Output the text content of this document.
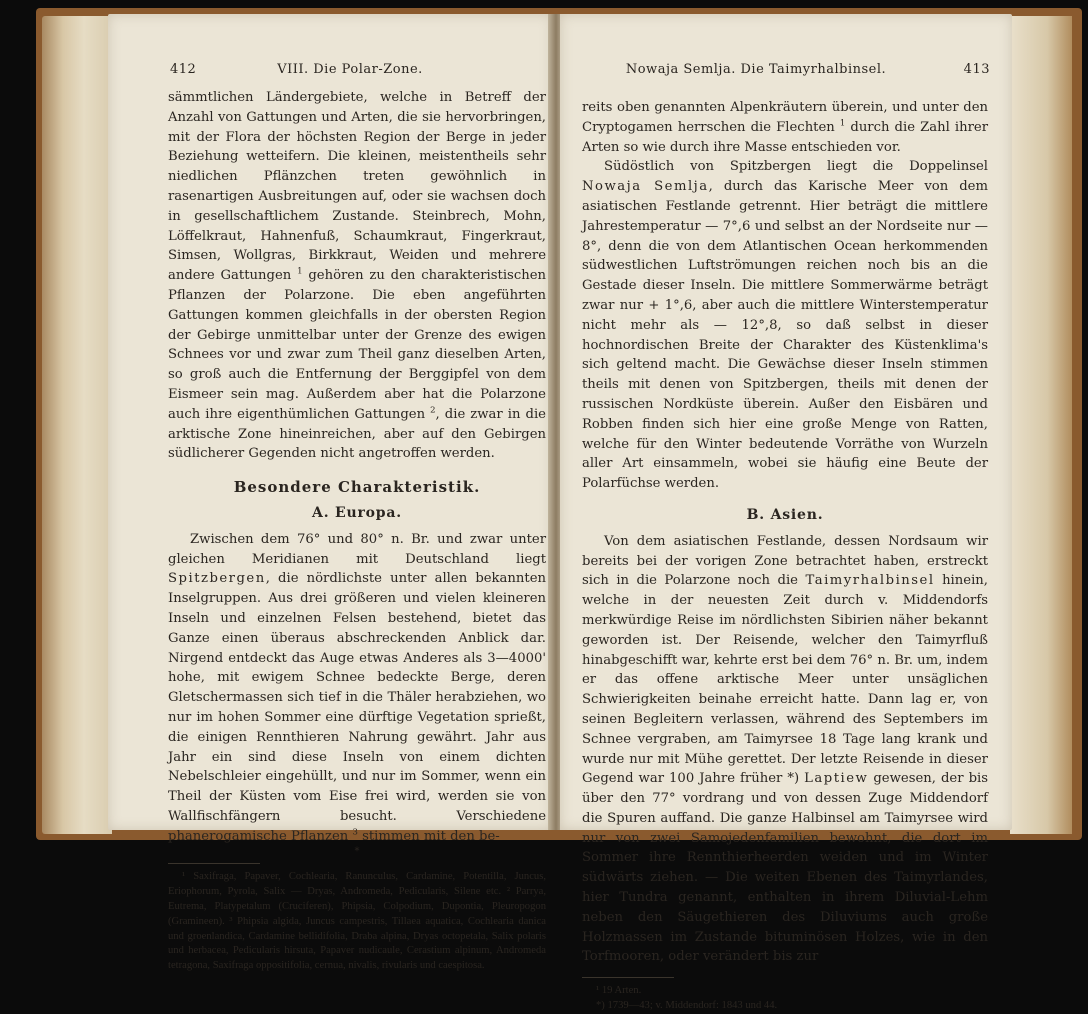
412	VIII. Die Polar-Zone.

sämmtlichen Ländergebiete, welche in Betreff der Anzahl von Gattungen und Arten, die sie hervorbringen, mit der Flora der höchsten Region der Berge in jeder Beziehung wetteifern. Die kleinen, meistentheils sehr niedlichen Pflänzchen treten gewöhnlich in rasenartigen Ausbreitungen auf, oder sie wachsen doch in gesellschaftlichem Zustande. Steinbrech, Mohn, Löffelkraut, Hahnenfuß, Schaumkraut, Fingerkraut, Simsen, Wollgras, Birkkraut, Weiden und mehrere andere Gattungen $^1$ gehören zu den charakteristischen Pflanzen der Polarzone. Die eben angeführten Gattungen kommen gleichfalls in der obersten Region der Gebirge unmittelbar unter der Grenze des ewigen Schnees vor und zwar zum Theil ganz dieselben Arten, so groß auch die Entfernung der Berggipfel von dem Eismeer sein mag. Außerdem aber hat die Polarzone auch ihre eigenthümlichen Gattungen $^2$, die zwar in die arktische Zone hineinreichen, aber auf den Gebirgen südlicherer Gegenden nicht angetroffen werden.

Besondere Charakteristik.
A. Europa.

Zwischen dem 76° und 80° n. Br. und zwar unter gleichen Meridianen mit Deutschland liegt Spitzbergen, die nördlichste unter allen bekannten Inselgruppen. Aus drei größeren und vielen kleineren Inseln und einzelnen Felsen bestehend, bietet das Ganze einen überaus abschreckenden Anblick dar. Nirgend entdeckt das Auge etwas Anderes als 3—4000' hohe, mit ewigem Schnee bedeckte Berge, deren Gletschermassen sich tief in die Thäler herabziehen, wo nur im hohen Sommer eine dürftige Vegetation sprießt, die einigen Rennthieren Nahrung gewährt. Jahr aus Jahr ein sind diese Inseln von einem dichten Nebelschleier eingehüllt, und nur im Sommer, wenn ein Theil der Küsten vom Eise frei wird, werden sie von Wallfischfängern besucht. Verschiedene phanerogamische Pflanzen $^3$ stimmen mit den be-

*

¹ Saxifraga, Papaver, Cochlearia, Ranunculus, Cardamine, Potentilla, Juncus, Eriophorum, Pyrola, Salix — Dryas, Andromeda, Pedicularis, Silene etc. ² Parrya, Eutrema, Platypetalum (Cruciferen), Phipsia, Colpodium, Dupontia, Pleuropogon (Gramineen). ³ Phipsia algida, Juncus campestris, Tillaea aquatica, Cochlearia danica und groenlandica, Cardamine bellidifolia, Draba alpina, Dryas octopetala, Salix polaris und herbacea, Pedicularis hirsuta, Papaver nudicaule, Cerastium alpinum, Andromeda tetragona, Saxifraga oppositifolia, cernua, nivalis, rivularis und caespitosa.

Nowaja Semlja. Die Taimyrhalbinsel.	413

reits oben genannten Alpenkräutern überein, und unter den Cryptogamen herrschen die Flechten $^1$ durch die Zahl ihrer Arten so wie durch ihre Masse entschieden vor.

Südöstlich von Spitzbergen liegt die Doppelinsel Nowaja Semlja, durch das Karische Meer von dem asiatischen Festlande getrennt. Hier beträgt die mittlere Jahrestemperatur — 7°,6 und selbst an der Nordseite nur — 8°, denn die von dem Atlantischen Ocean herkommenden südwestlichen Luftströmungen reichen noch bis an die Gestade dieser Inseln. Die mittlere Sommerwärme beträgt zwar nur + 1°,6, aber auch die mittlere Winterstemperatur nicht mehr als — 12°,8, so daß selbst in dieser hochnordischen Breite der Charakter des Küstenklima's sich geltend macht. Die Gewächse dieser Inseln stimmen theils mit denen von Spitzbergen, theils mit denen der russischen Nordküste überein. Außer den Eisbären und Robben finden sich hier eine große Menge von Ratten, welche für den Winter bedeutende Vorräthe von Wurzeln aller Art einsammeln, wobei sie häufig eine Beute der Polarfüchse werden.

B. Asien.

Von dem asiatischen Festlande, dessen Nordsaum wir bereits bei der vorigen Zone betrachtet haben, erstreckt sich in die Polarzone noch die Taimyrhalbinsel hinein, welche in der neuesten Zeit durch v. Middendorfs merkwürdige Reise im nördlichsten Sibirien näher bekannt geworden ist. Der Reisende, welcher den Taimyrfluß hinabgeschifft war, kehrte erst bei dem 76° n. Br. um, indem er das offene arktische Meer unter unsäglichen Schwierigkeiten beinahe erreicht hatte. Dann lag er, von seinen Begleitern verlassen, während des Septembers im Schnee vergraben, am Taimyrsee 18 Tage lang krank und wurde nur mit Mühe gerettet. Der letzte Reisende in dieser Gegend war 100 Jahre früher *) Laptiew gewesen, der bis über den 77° vordrang und von dessen Zuge Middendorf die Spuren auffand. Die ganze Halbinsel am Taimyrsee wird nur von zwei Samojedenfamilien bewohnt, die dort im Sommer ihre Rennthierheerden weiden und im Winter südwärts ziehen. — Die weiten Ebenen des Taimyrlandes, hier Tundra genannt, enthalten in ihrem Diluvial-Lehm neben den Säugethieren des Diluviums auch große Holzmassen im Zustande bituminösen Holzes, wie in den Torfmooren, oder verändert bis zur

¹ 19 Arten.

*) 1739—43; v. Middendorf: 1843 und 44.
